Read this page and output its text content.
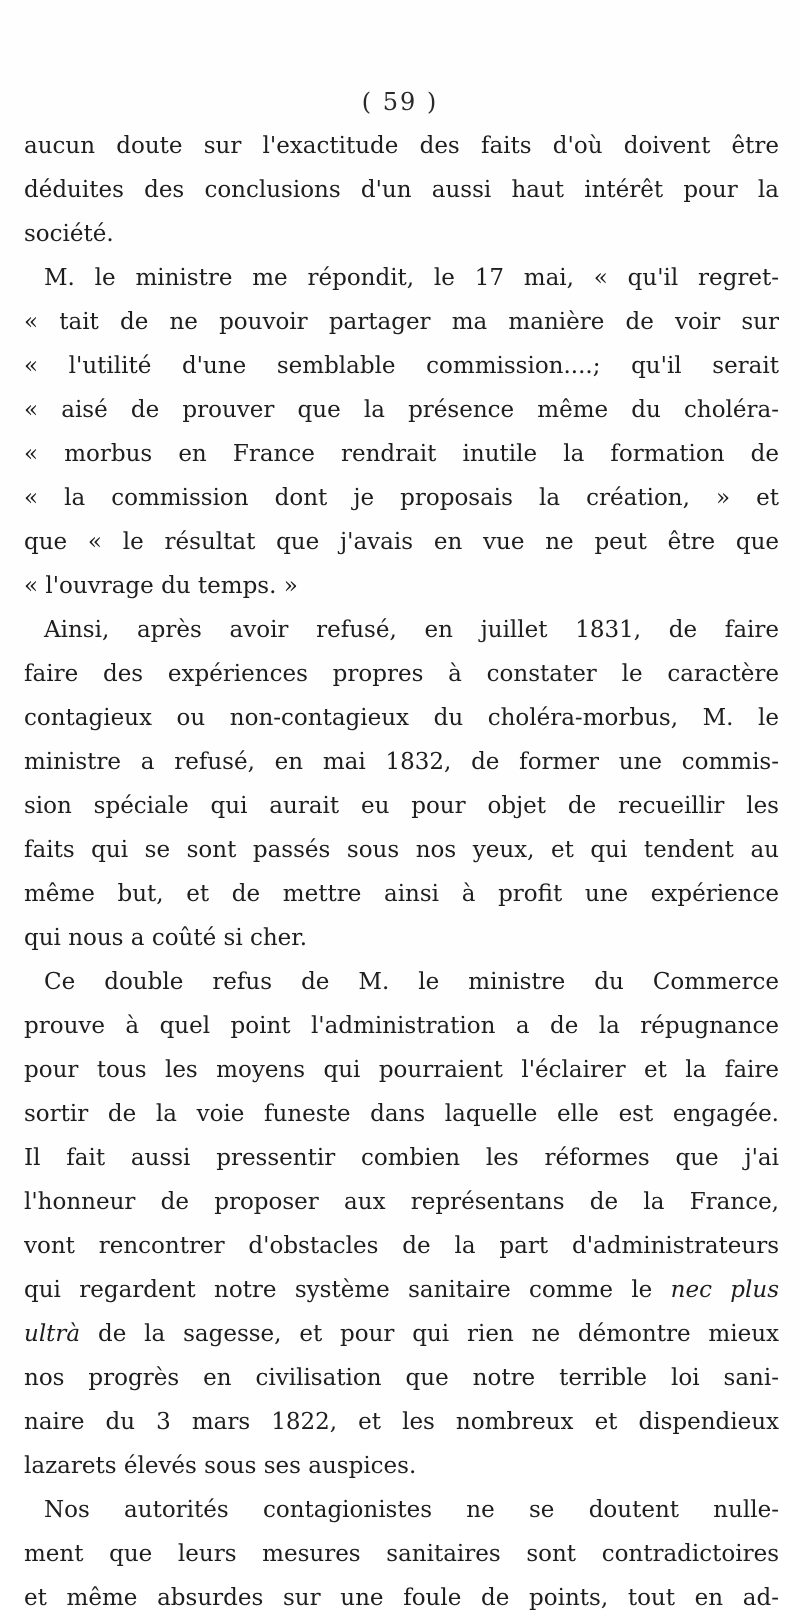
( 59 )
aucun doute sur l'exactitude des faits d'où doivent être
déduites des conclusions d'un aussi haut intérêt pour la
société.
M. le ministre me répondit, le 17 mai, « qu'il regret-
« tait de ne pouvoir partager ma manière de voir sur
« l'utilité d'une semblable commission....; qu'il serait
« aisé de prouver que la présence même du choléra-
« morbus en France rendrait inutile la formation de
« la commission dont je proposais la création, » et
que « le résultat que j'avais en vue ne peut être que
« l'ouvrage du temps. »
Ainsi, après avoir refusé, en juillet 1831, de faire
faire des expériences propres à constater le caractère
contagieux ou non-contagieux du choléra-morbus, M. le
ministre a refusé, en mai 1832, de former une commis-
sion spéciale qui aurait eu pour objet de recueillir les
faits qui se sont passés sous nos yeux, et qui tendent au
même but, et de mettre ainsi à profit une expérience
qui nous a coûté si cher.
Ce double refus de M. le ministre du Commerce
prouve à quel point l'administration a de la répugnance
pour tous les moyens qui pourraient l'éclairer et la faire
sortir de la voie funeste dans laquelle elle est engagée.
Il fait aussi pressentir combien les réformes que j'ai
l'honneur de proposer aux représentans de la France,
vont rencontrer d'obstacles de la part d'administrateurs
qui regardent notre système sanitaire comme le nec plus
ultrà de la sagesse, et pour qui rien ne démontre mieux
nos progrès en civilisation que notre terrible loi sani-
naire du 3 mars 1822, et les nombreux et dispendieux
lazarets élevés sous ses auspices.
Nos autorités contagionistes ne se doutent nulle-
ment que leurs mesures sanitaires sont contradictoires
et même absurdes sur une foule de points, tout en ad-
